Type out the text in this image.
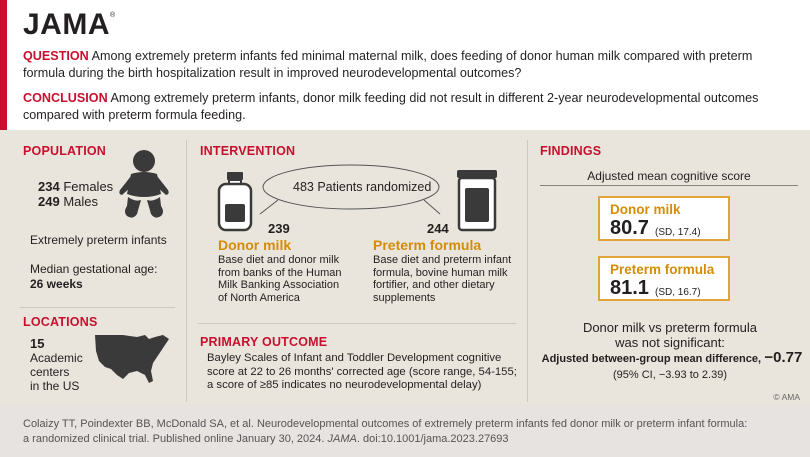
JAMA®
QUESTION Among extremely preterm infants fed minimal maternal milk, does feeding of donor human milk compared with preterm formula during the birth hospitalization result in improved neurodevelopmental outcomes?
CONCLUSION Among extremely preterm infants, donor milk feeding did not result in different 2-year neurodevelopmental outcomes compared with preterm formula feeding.
POPULATION
234 Females
249 Males
Extremely preterm infants
Median gestational age:
26 weeks
LOCATIONS
15
Academic
centers
in the US
INTERVENTION
483 Patients randomized
239	244
Donor milk
Base diet and donor milk
from banks of the Human
Milk Banking Association
of North America
Preterm formula
Base diet and preterm infant
formula, bovine human milk
fortifier, and other dietary
supplements
PRIMARY OUTCOME
Bayley Scales of Infant and Toddler Development cognitive
score at 22 to 26 months' corrected age (score range, 54-155;
a score of ≥85 indicates no neurodevelopmental delay)
FINDINGS
Adjusted mean cognitive score
Donor milk
80.7 (SD, 17.4)
Preterm formula
81.1 (SD, 16.7)
Donor milk vs preterm formula
was not significant:
Adjusted between-group mean difference, −0.77
(95% CI, −3.93 to 2.39)
© AMA
Colaizy TT, Poindexter BB, McDonald SA, et al. Neurodevelopmental outcomes of extremely preterm infants fed donor milk or preterm infant formula:
a randomized clinical trial. Published online January 30, 2024. JAMA. doi:10.1001/jama.2023.27693
